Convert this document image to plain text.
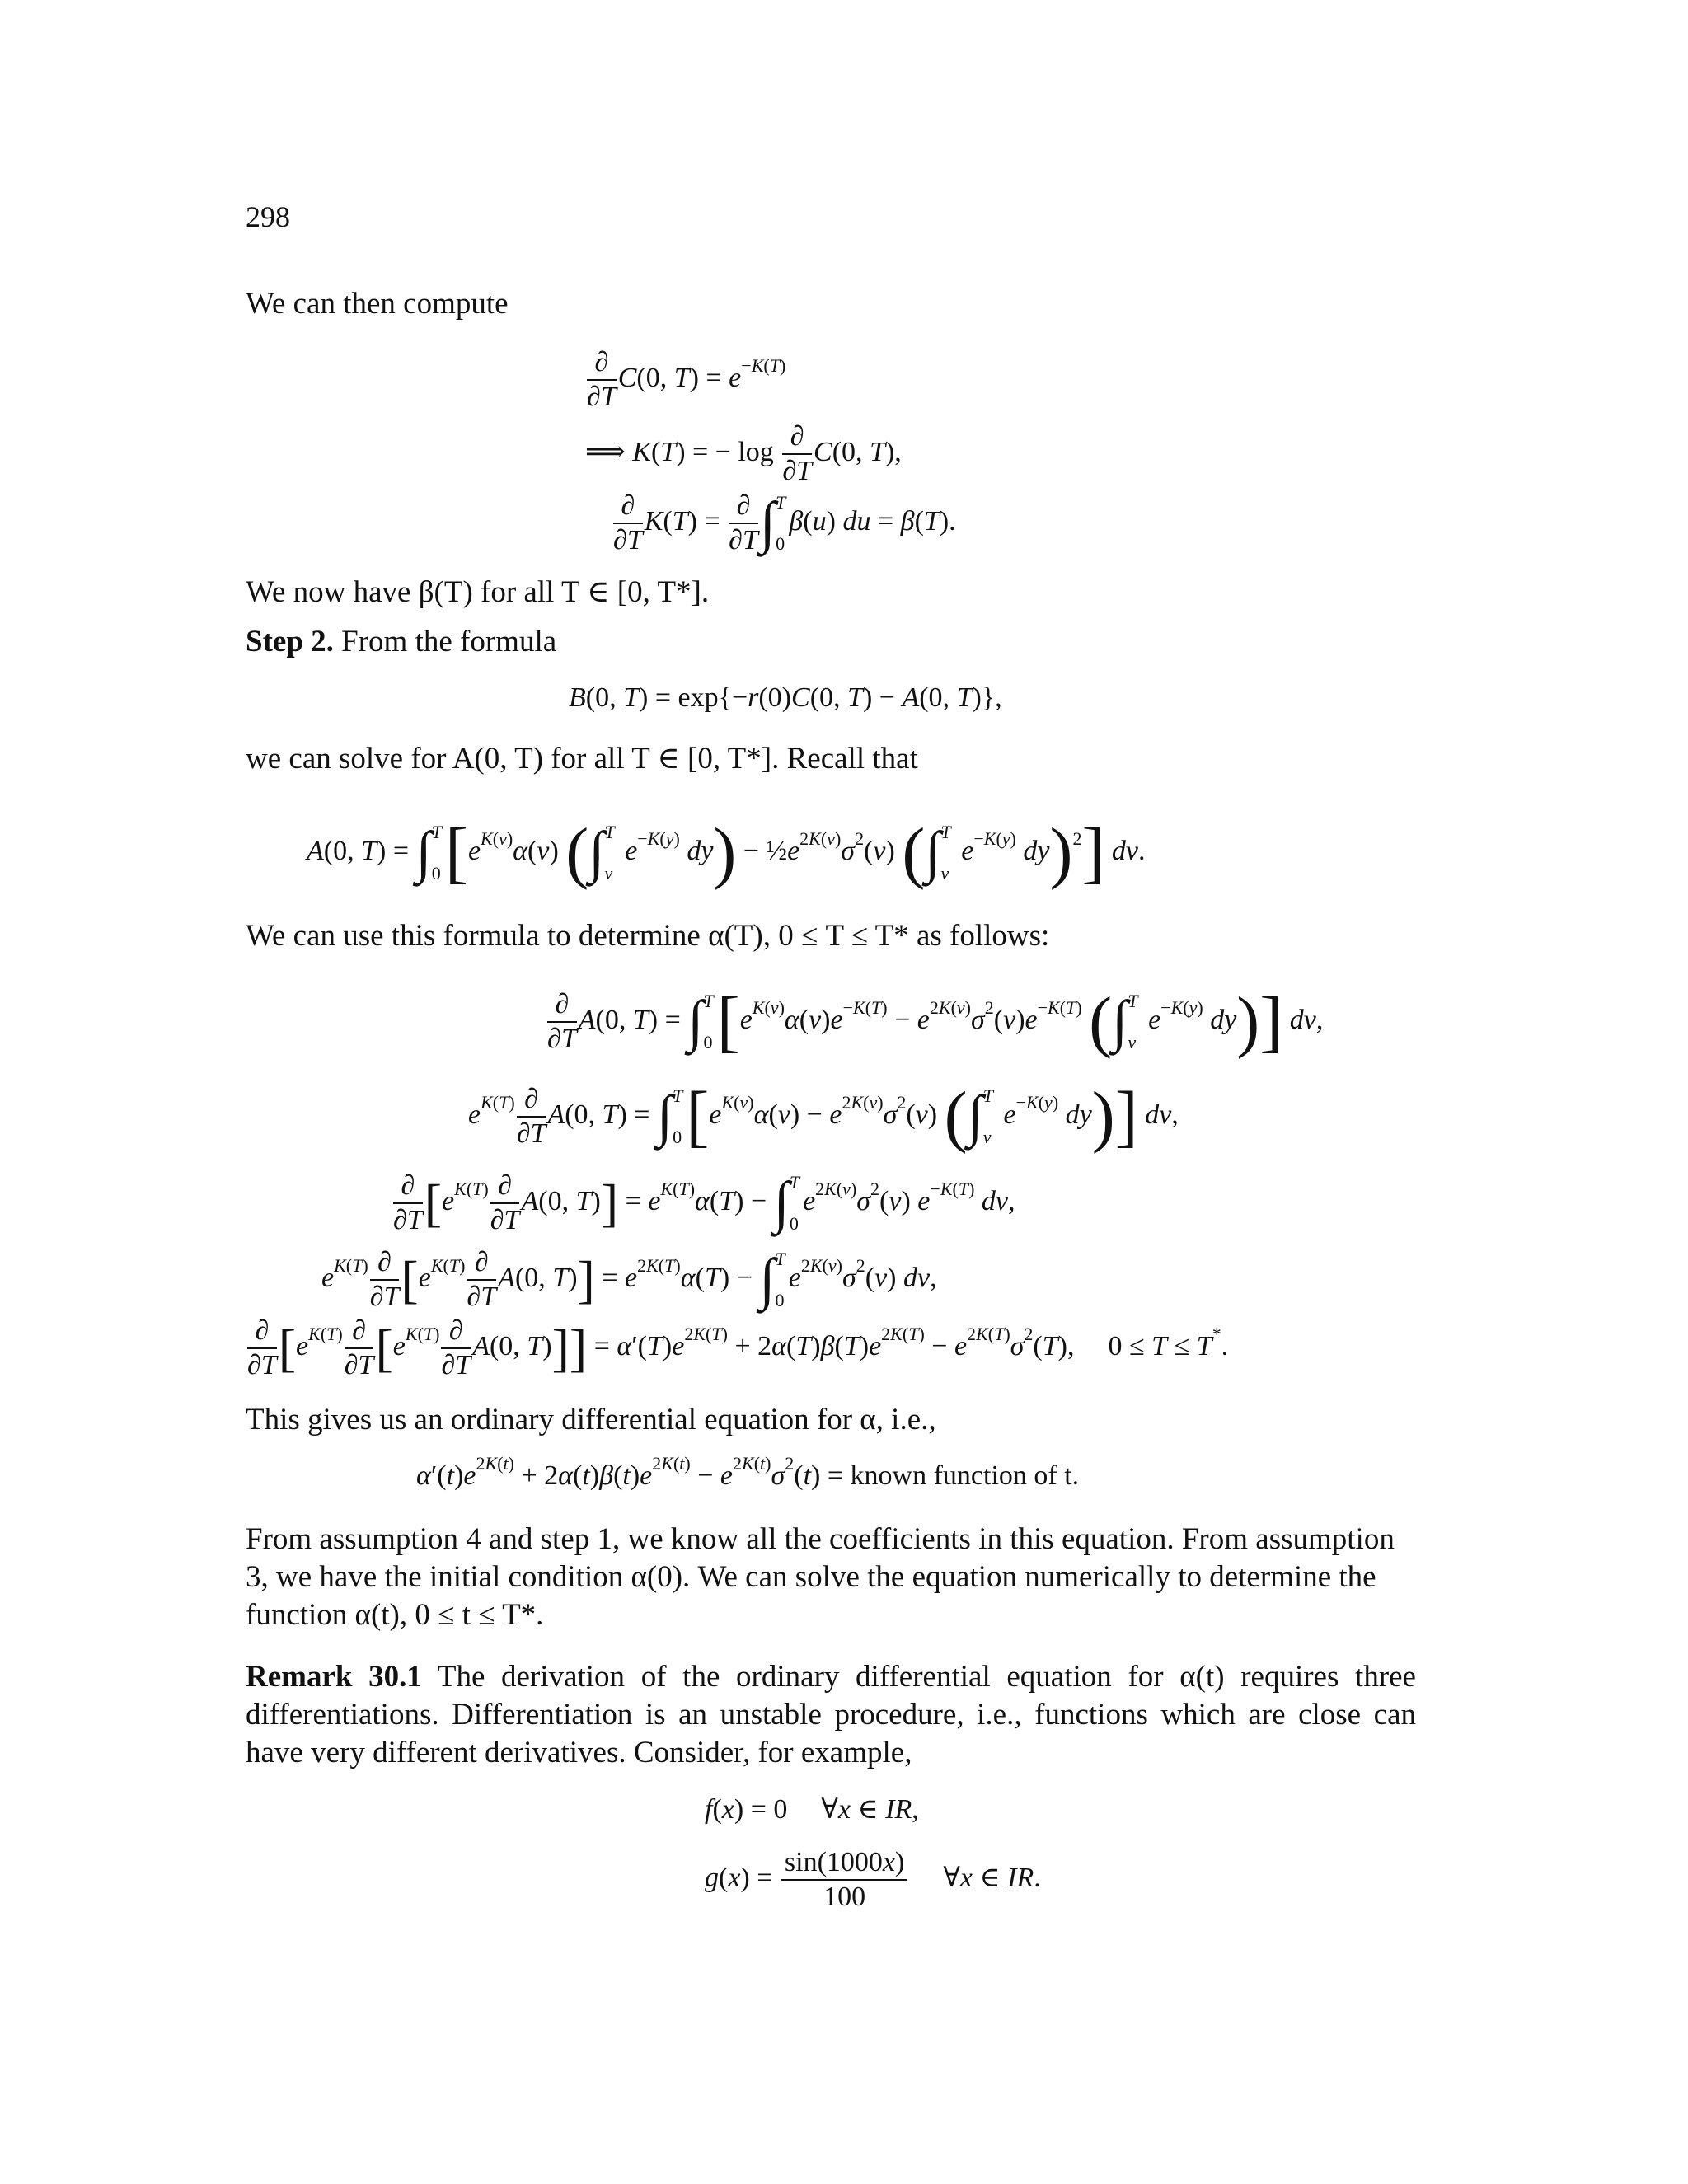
298
We can then compute
$\frac{\partial}{\partial T} C(0$, $T) = e^{-K(T)}$
⟹ K(T) = − $\log \frac{\partial}{\partial T} C(0$, T),
$\frac{\partial}{\partial T} K(T) = \frac{\partial}{\partial T}$ ∫ T
0
β(u) du = β(T).
We now have β(T) for all T ∈ [0, T*].
Step 2. From the formula
B(0, T) = exp{−r(0)C(0, T) − A(0, T)},
we can solve for A(0, T) for all T ∈ [0, T*]. Recall that
A(0, T) = ∫ T
0 [$e^{K(v)}\alpha(v)$ (∫ T
v
$e^{-K(y)}$ $dy) - \frac{1}{2}e^{2K(v)}\sigma^2(v)$ (∫ T
v
$e^{-K(y)}$ dy)$^2$] dv.
We can use this formula to determine α(T), 0 ≤ T ≤ T* as follows:
$\frac{\partial}{\partial T} A(0$, T) = ∫ T
0 [$e^{K(v)}\alpha(v)e^{-K(T)} - e^{2K(v)}\sigma^2(v)e^{-K(T)}$ (∫ T
v
$e^{-K(y)}$ dy)] dv,
$e^{K(T)} \frac{\partial}{\partial T} A(0$, T) = ∫ T
0 [$e^{K(v)}\alpha(v) - e^{2K(v)}\sigma^2(v)$ (∫ T
v
$e^{-K(y)}$ dy)] dv,
$\frac{\partial}{\partial T} [e^{K(T)} \frac{\partial}{\partial T} A(0$, $T)] = e^{K(T)}\alpha(T)$ − ∫ T
0
$e^{2K(v)}\sigma^2(v)$ $e^{-K(T)}$ dv,
$e^{K(T)} \frac{\partial}{\partial T} [e^{K(T)} \frac{\partial}{\partial T} A(0$, $T)] = e^{2K(T)}\alpha(T)$ − ∫ T
0
$e^{2K(v)}\sigma^2(v)$ dv,
$\frac{\partial}{\partial T} [e^{K(T)} \frac{\partial}{\partial T} [e^{K(T)} \frac{\partial}{\partial T} A(0$, $T)]] = \alpha'(T)e^{2K(T)} + 2\alpha(T)\beta(T)e^{2K(T)} - e^{2K(T)}\sigma^2(T)$,  0 ≤ T ≤ T*.
This gives us an ordinary differential equation for α, i.e.,
$\alpha'(t)e^{2K(t)} + 2\alpha(t)\beta(t)e^{2K(t)} - e^{2K(t)}\sigma^2(t)$ = known function of t.
From assumption 4 and step 1, we know all the coefficients in this equation. From assumption 3, we have the initial condition α(0). We can solve the equation numerically to determine the function α(t), 0 ≤ t ≤ T*.
Remark 30.1 The derivation of the ordinary differential equation for α(t) requires three differentiations. Differentiation is an unstable procedure, i.e., functions which are close can have very different derivatives. Consider, for example,
f(x) = 0  ∀x ∈ IR,
$g(x) = \frac{\sin(1000x)}{100}$ ∀x ∈ IR.
